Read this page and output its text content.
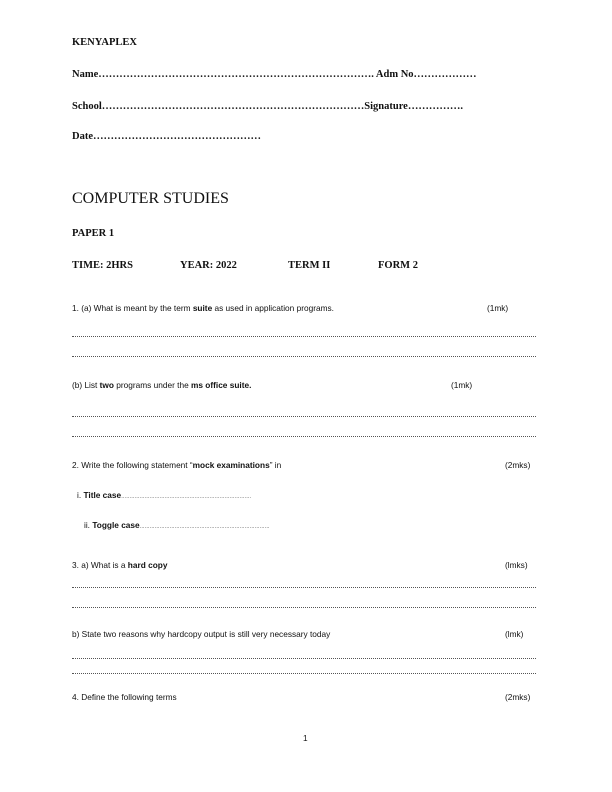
KENYAPLEX
Name……………………………………………………………………. Adm No………………
School…………………………………………………………………Signature…………….
Date…………………………………………
COMPUTER STUDIES
PAPER 1
TIME: 2HRS	YEAR: 2022	TERM II	FORM 2
1. (a) What is meant by the term suite as used in application programs.	(1mk)
(b) List two programs under the ms office suite.	(1mk)
2. Write the following statement “mock examinations” in	(2mks)
i. Title case……………………………………………………………………
ii. Toggle case……………………………………………………………………
3. a) What is a hard copy	(lmks)
b) State two reasons why hardcopy output is still very necessary today	(lmk)
4. Define the following terms	(2mks)
1
